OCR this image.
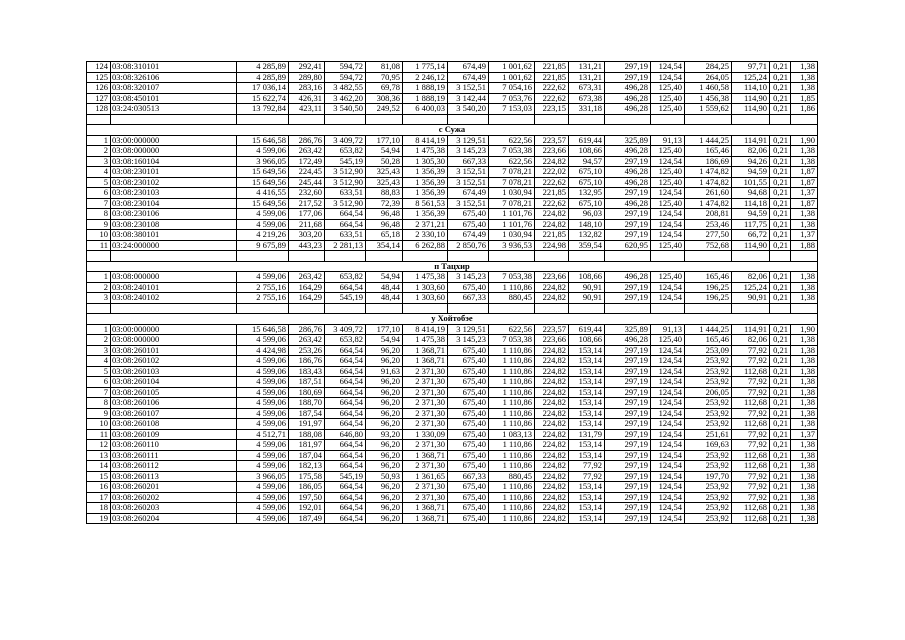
124	03:08:310101	4 285,89	292,41	594,72	81,08	1 775,14	674,49	1 001,62	221,85	131,21	297,19	124,54	284,25	97,71	0,21	1,38
125	03:08:326106	4 285,89	289,80	594,72	70,95	2 246,12	674,49	1 001,62	221,85	131,21	297,19	124,54	264,05	125,24	0,21	1,38
126	03:08:320107	17 036,14	283,16	3 482,55	69,78	1 888,19	3 152,51	7 054,16	222,62	673,31	496,28	125,40	1 460,58	114,10	0,21	1,38
127	03:08:450101	15 622,74	426,31	3 462,20	308,36	1 888,19	3 142,44	7 053,76	222,62	673,38	496,28	125,40	1 456,38	114,90	0,21	1,85
128	03:24:030513	13 792,84	423,11	3 540,50	249,52	6 400,03	3 540,20	7 153,03	223,15	331,18	496,28	125,40	1 559,62	114,90	0,21	1,86

с Сужа																
1	03:00:000000	15 646,58	286,76	3 409,72	177,10	8 414,19	3 129,51	622,56	223,57	619,44	325,89	91,13	1 444,25	114,91	0,21	1,90
2	03:08:000000	4 599,06	263,42	653,82	54,94	1 475,38	3 145,23	7 053,38	223,66	108,66	496,28	125,40	165,46	82,06	0,21	1,38
3	03:08:160104	3 966,05	172,49	545,19	50,28	1 305,30	667,33	622,56	224,82	94,57	297,19	124,54	186,69	94,26	0,21	1,38
4	03:08:230101	15 649,56	224,45	3 512,90	325,43	1 356,39	3 152,51	7 078,21	222,02	675,10	496,28	125,40	1 474,82	94,59	0,21	1,87
5	03:08:230102	15 649,56	245,44	3 512,90	325,43	1 356,39	3 152,51	7 078,21	222,62	675,10	496,28	125,40	1 474,82	101,55	0,21	1,87
6	03:08:230103	4 416,55	232,60	633,51	88,83	1 356,39	674,49	1 030,94	221,85	132,95	297,19	124,54	261,60	94,68	0,21	1,37
7	03:08:230104	15 649,56	217,52	3 512,90	72,39	8 561,53	3 152,51	7 078,21	222,62	675,10	496,28	125,40	1 474,82	114,18	0,21	1,87
8	03:08:230106	4 599,06	177,06	664,54	96,48	1 356,39	675,40	1 101,76	224,82	96,03	297,19	124,54	208,81	94,59	0,21	1,38
9	03:08:230108	4 599,06	211,68	664,54	96,48	2 371,21	675,40	1 101,76	224,82	148,10	297,19	124,54	253,46	117,75	0,21	1,38
10	03:08:380101	4 219,26	303,20	633,51	65,18	2 330,10	674,49	1 030,94	221,85	132,82	297,19	124,54	277,50	66,72	0,21	1,37
11	03:24:000000	9 675,89	443,23	2 281,13	354,14	6 262,88	2 850,76	3 936,53	224,98	359,54	620,95	125,40	752,68	114,90	0,21	1,88

п Тацхир																
1	03:08:000000	4 599,06	263,42	653,82	54,94	1 475,38	3 145,23	7 053,38	223,66	108,66	496,28	125,40	165,46	82,06	0,21	1,38
2	03:08:240101	2 755,16	164,29	664,54	48,44	1 303,60	675,40	1 110,86	224,82	90,91	297,19	124,54	196,25	125,24	0,21	1,38
3	03:08:240102	2 755,16	164,29	545,19	48,44	1 303,60	667,33	880,45	224,82	90,91	297,19	124,54	196,25	90,91	0,21	1,38

у Хойтобэе																
1	03:00:000000	15 646,58	286,76	3 409,72	177,10	8 414,19	3 129,51	622,56	223,57	619,44	325,89	91,13	1 444,25	114,91	0,21	1,90
2	03:08:000000	4 599,06	263,42	653,82	54,94	1 475,38	3 145,23	7 053,38	223,66	108,66	496,28	125,40	165,46	82,06	0,21	1,38
3	03:08:260101	4 424,98	253,26	664,54	96,20	1 368,71	675,40	1 110,86	224,82	153,14	297,19	124,54	253,09	77,92	0,21	1,38
4	03:08:260102	4 599,06	186,76	664,54	96,20	1 368,71	675,40	1 110,86	224,82	153,14	297,19	124,54	253,92	77,92	0,21	1,38
5	03:08:260103	4 599,06	183,43	664,54	91,63	2 371,30	675,40	1 110,86	224,82	153,14	297,19	124,54	253,92	112,68	0,21	1,38
6	03:08:260104	4 599,06	187,51	664,54	96,20	2 371,30	675,40	1 110,86	224,82	153,14	297,19	124,54	253,92	77,92	0,21	1,38
7	03:08:260105	4 599,06	180,69	664,54	96,20	2 371,30	675,40	1 110,86	224,82	153,14	297,19	124,54	206,05	77,92	0,21	1,38
8	03:08:260106	4 599,06	188,70	664,54	96,20	2 371,30	675,40	1 110,86	224,82	153,14	297,19	124,54	253,92	112,68	0,21	1,38
9	03:08:260107	4 599,06	187,54	664,54	96,20	2 371,30	675,40	1 110,86	224,82	153,14	297,19	124,54	253,92	77,92	0,21	1,38
10	03:08:260108	4 599,06	191,97	664,54	96,20	2 371,30	675,40	1 110,86	224,82	153,14	297,19	124,54	253,92	112,68	0,21	1,38
11	03:08:260109	4 512,71	188,08	646,80	93,20	1 330,09	675,40	1 083,13	224,82	131,79	297,19	124,54	251,61	77,92	0,21	1,37
12	03:08:260110	4 599,06	181,97	664,54	96,20	2 371,30	675,40	1 110,86	224,82	153,14	297,19	124,54	169,63	77,92	0,21	1,38
13	03:08:260111	4 599,06	187,04	664,54	96,20	1 368,71	675,40	1 110,86	224,82	153,14	297,19	124,54	253,92	112,68	0,21	1,38
14	03:08:260112	4 599,06	182,13	664,54	96,20	2 371,30	675,40	1 110,86	224,82	77,92	297,19	124,54	253,92	112,68	0,21	1,38
15	03:08:260113	3 966,05	175,58	545,19	50,93	1 361,65	667,33	880,45	224,82	77,92	297,19	124,54	197,70	77,92	0,21	1,38
16	03:08:260201	4 599,06	186,05	664,54	96,20	2 371,30	675,40	1 110,86	224,82	153,14	297,19	124,54	253,92	77,92	0,21	1,38
17	03:08:260202	4 599,06	197,50	664,54	96,20	2 371,30	675,40	1 110,86	224,82	153,14	297,19	124,54	253,92	77,92	0,21	1,38
18	03:08:260203	4 599,06	192,01	664,54	96,20	1 368,71	675,40	1 110,86	224,82	153,14	297,19	124,54	253,92	112,68	0,21	1,38
19	03:08:260204	4 599,06	187,49	664,54	96,20	1 368,71	675,40	1 110,86	224,82	153,14	297,19	124,54	253,92	112,68	0,21	1,38
